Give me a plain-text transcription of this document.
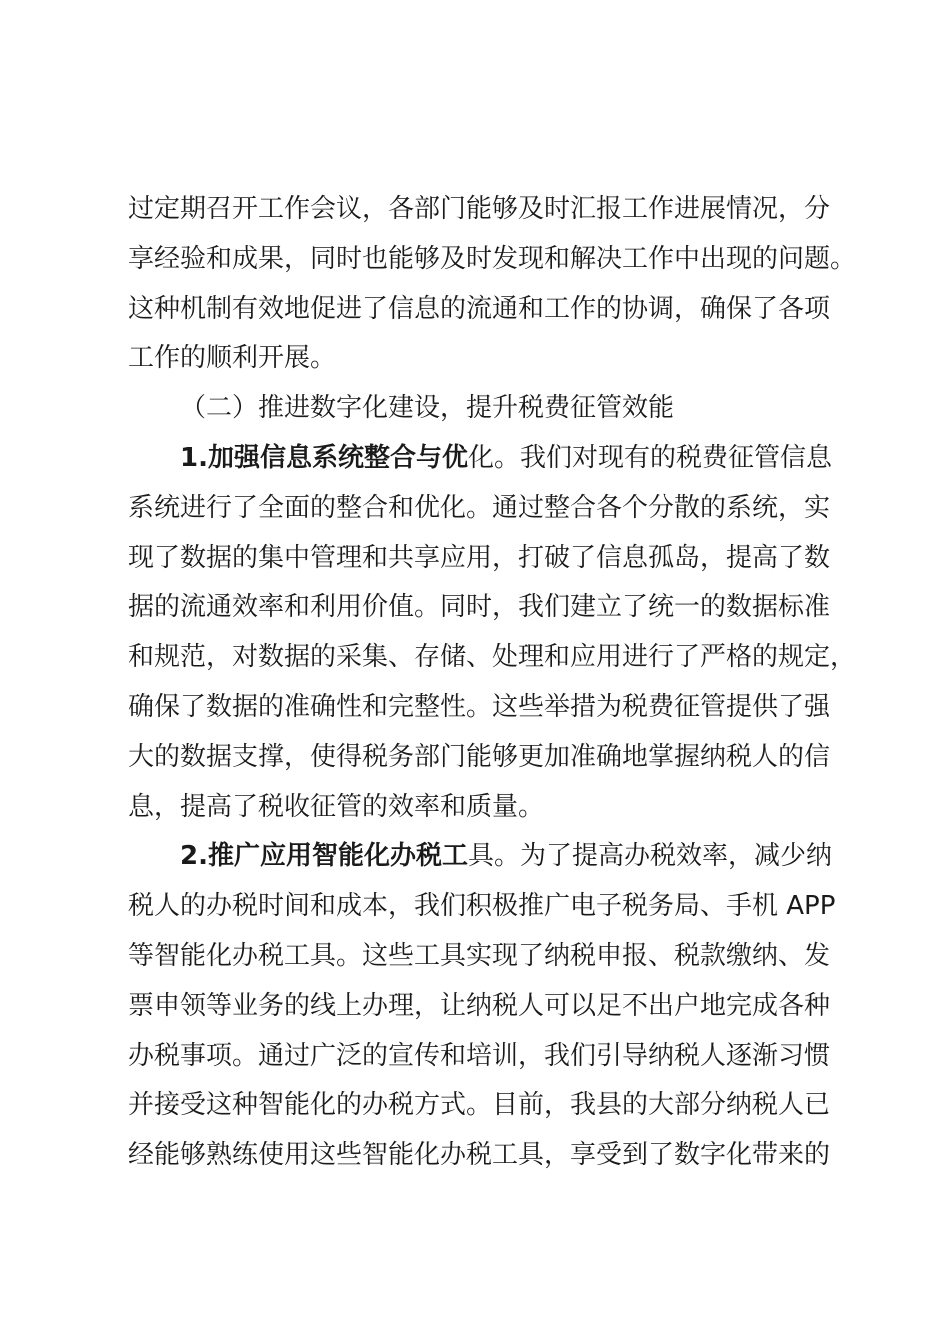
过定期召开工作会议，各部门能够及时汇报工作进展情况，分
享经验和成果，同时也能够及时发现和解决工作中出现的问题。
这种机制有效地促进了信息的流通和工作的协调，确保了各项
工作的顺利开展。
（二）推进数字化建设，提升税费征管效能
1.加强信息系统整合与优化。我们对现有的税费征管信息
系统进行了全面的整合和优化。通过整合各个分散的系统，实
现了数据的集中管理和共享应用，打破了信息孤岛，提高了数
据的流通效率和利用价值。同时，我们建立了统一的数据标准
和规范，对数据的采集、存储、处理和应用进行了严格的规定，
确保了数据的准确性和完整性。这些举措为税费征管提供了强
大的数据支撑，使得税务部门能够更加准确地掌握纳税人的信
息，提高了税收征管的效率和质量。
2.推广应用智能化办税工具。为了提高办税效率，减少纳
税人的办税时间和成本，我们积极推广电子税务局、手机 APP
等智能化办税工具。这些工具实现了纳税申报、税款缴纳、发
票申领等业务的线上办理，让纳税人可以足不出户地完成各种
办税事项。通过广泛的宣传和培训，我们引导纳税人逐渐习惯
并接受这种智能化的办税方式。目前，我县的大部分纳税人已
经能够熟练使用这些智能化办税工具，享受到了数字化带来的
